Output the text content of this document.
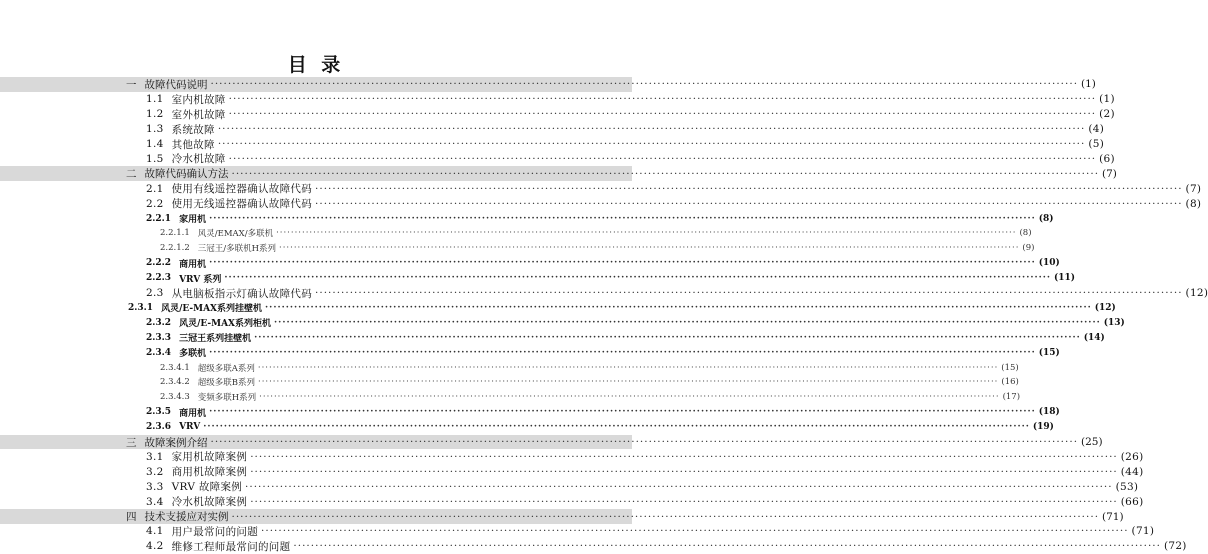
目 录
一 故障代码说明 ········································································································································································································ (1)
1.1 室内机故障 ········································································································································································································ (1)
1.2 室外机故障 ········································································································································································································ (2)
1.3 系统故障 ········································································································································································································ (4)
1.4 其他故障 ········································································································································································································ (5)
1.5 冷水机故障 ········································································································································································································ (6)
二 故障代码确认方法 ········································································································································································································ (7)
2.1 使用有线遥控器确认故障代码 ········································································································································································································ (7)
2.2 使用无线遥控器确认故障代码 ········································································································································································································ (8)
2.2.1 家用机 ········································································································································································································ (8)
2.2.1.1 风灵/EMAX/多联机 ········································································································································································································ (8)
2.2.1.2 三冠王/多联机H系列 ········································································································································································································ (9)
2.2.2 商用机 ········································································································································································································ (10)
2.2.3 VRV 系列 ········································································································································································································ (11)
2.3 从电脑板指示灯确认故障代码 ········································································································································································································ (12)
2.3.1 风灵/E-MAX系列挂壁机 ········································································································································································································ (12)
2.3.2 风灵/E-MAX系列柜机 ········································································································································································································ (13)
2.3.3 三冠王系列挂壁机 ········································································································································································································ (14)
2.3.4 多联机 ········································································································································································································ (15)
2.3.4.1 超级多联A系列 ········································································································································································································ (15)
2.3.4.2 超级多联B系列 ········································································································································································································ (16)
2.3.4.3 变频多联H系列 ········································································································································································································ (17)
2.3.5 商用机 ········································································································································································································ (18)
2.3.6 VRV ········································································································································································································ (19)
三 故障案例介绍 ········································································································································································································ (25)
3.1 家用机故障案例 ········································································································································································································ (26)
3.2 商用机故障案例 ········································································································································································································ (44)
3.3 VRV 故障案例 ········································································································································································································ (53)
3.4 冷水机故障案例 ········································································································································································································ (66)
四 技术支援应对实例 ········································································································································································································ (71)
4.1 用户最常问的问题 ········································································································································································································ (71)
4.2 维修工程师最常问的问题 ········································································································································································································ (72)
